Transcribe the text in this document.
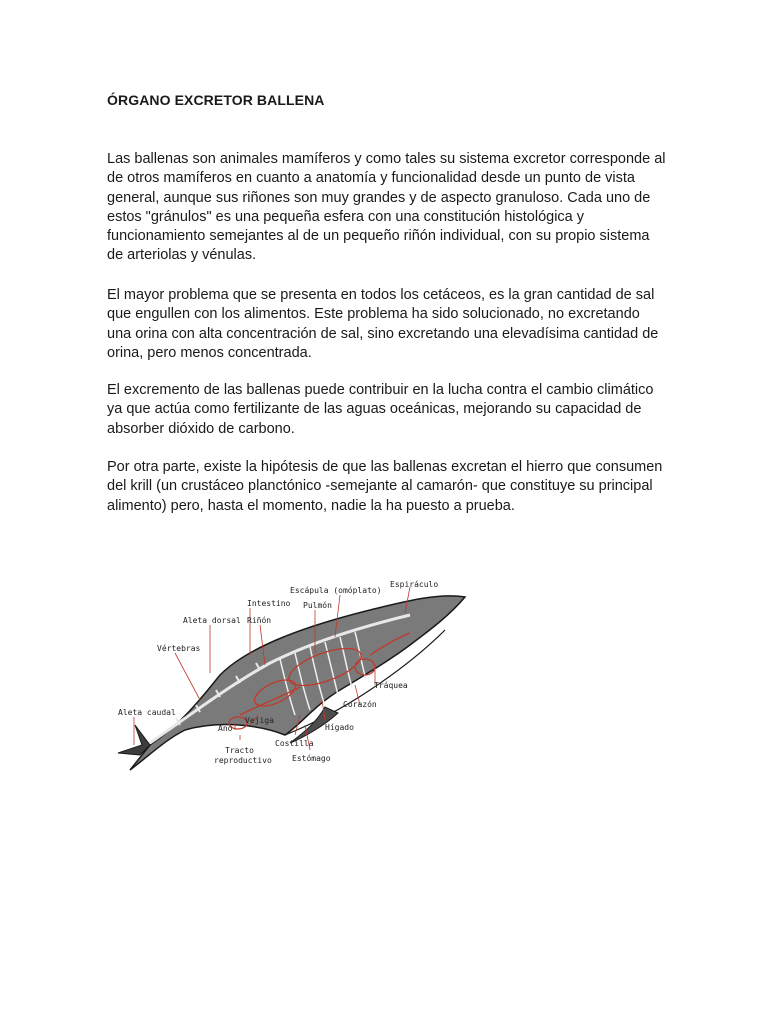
ÓRGANO EXCRETOR BALLENA

Las ballenas son animales mamíferos y como tales su sistema excretor corresponde al de otros mamíferos en cuanto a anatomía y funcionalidad desde un punto de vista general, aunque sus riñones son muy grandes y de aspecto granuloso. Cada uno de estos "gránulos" es una pequeña esfera con una constitución histológica y funcionamiento semejantes al de un pequeño riñón individual, con su propio sistema de arteriolas y vénulas.

El mayor problema que se presenta en todos los cetáceos, es la gran cantidad de sal que engullen con los alimentos. Este problema ha sido solucionado, no excretando una orina con alta concentración de sal, sino excretando una elevadísima cantidad de orina, pero menos concentrada.

El excremento de las ballenas puede contribuir en la lucha contra el cambio climático ya que actúa como fertilizante de las aguas oceánicas, mejorando su capacidad de absorber dióxido de carbono.

Por otra parte, existe la hipótesis de que las ballenas excretan el hierro que consumen del krill (un crustáceo planctónico -semejante al camarón- que constituye su principal alimento) pero, hasta el momento, nadie la ha puesto a prueba.

Espiráculo
Escápula (omóplato)
Intestino Pulmón
Aleta dorsal Riñón
Vértebras
Tráquea
Corazón
Aleta caudal
Vejiga
Ano	Hígado
Costilla
Tracto
reproductivo	Estómago
